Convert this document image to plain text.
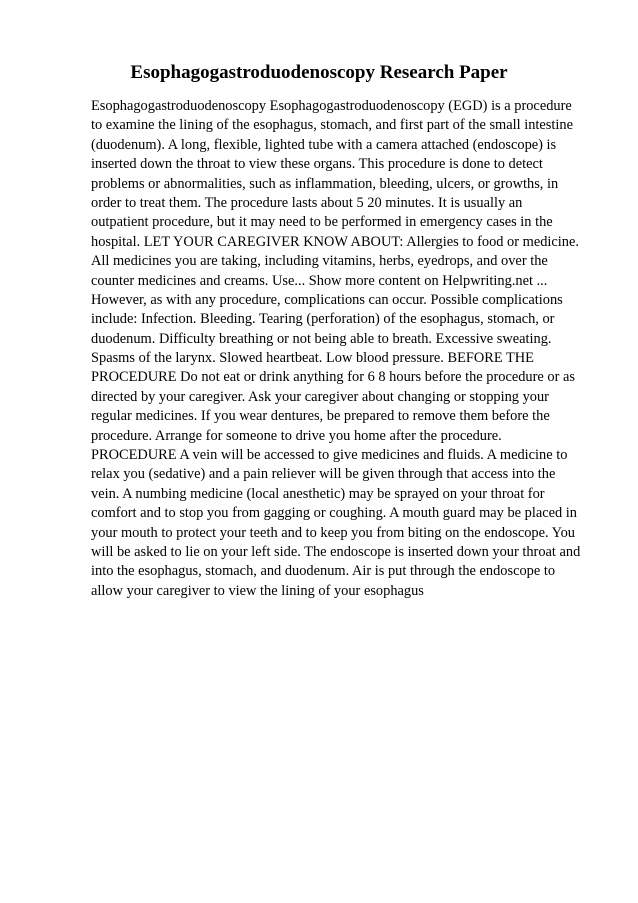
Esophagogastroduodenoscopy Research Paper
Esophagogastroduodenoscopy Esophagogastroduodenoscopy (EGD) is a procedure
to examine the lining of the esophagus, stomach, and first part of the small intestine
(duodenum). A long, flexible, lighted tube with a camera attached (endoscope) is
inserted down the throat to view these organs. This procedure is done to detect
problems or abnormalities, such as inflammation, bleeding, ulcers, or growths, in
order to treat them. The procedure lasts about 5 20 minutes. It is usually an
outpatient procedure, but it may need to be performed in emergency cases in the
hospital. LET YOUR CAREGIVER KNOW ABOUT: Allergies to food or medicine.
All medicines you are taking, including vitamins, herbs, eyedrops, and over the
counter medicines and creams. Use... Show more content on Helpwriting.net ...
However, as with any procedure, complications can occur. Possible complications
include: Infection. Bleeding. Tearing (perforation) of the esophagus, stomach, or
duodenum. Difficulty breathing or not being able to breath. Excessive sweating.
Spasms of the larynx. Slowed heartbeat. Low blood pressure. BEFORE THE
PROCEDURE Do not eat or drink anything for 6 8 hours before the procedure or as
directed by your caregiver. Ask your caregiver about changing or stopping your
regular medicines. If you wear dentures, be prepared to remove them before the
procedure. Arrange for someone to drive you home after the procedure.
PROCEDURE A vein will be accessed to give medicines and fluids. A medicine to
relax you (sedative) and a pain reliever will be given through that access into the
vein. A numbing medicine (local anesthetic) may be sprayed on your throat for
comfort and to stop you from gagging or coughing. A mouth guard may be placed in
your mouth to protect your teeth and to keep you from biting on the endoscope. You
will be asked to lie on your left side. The endoscope is inserted down your throat and
into the esophagus, stomach, and duodenum. Air is put through the endoscope to
allow your caregiver to view the lining of your esophagus
